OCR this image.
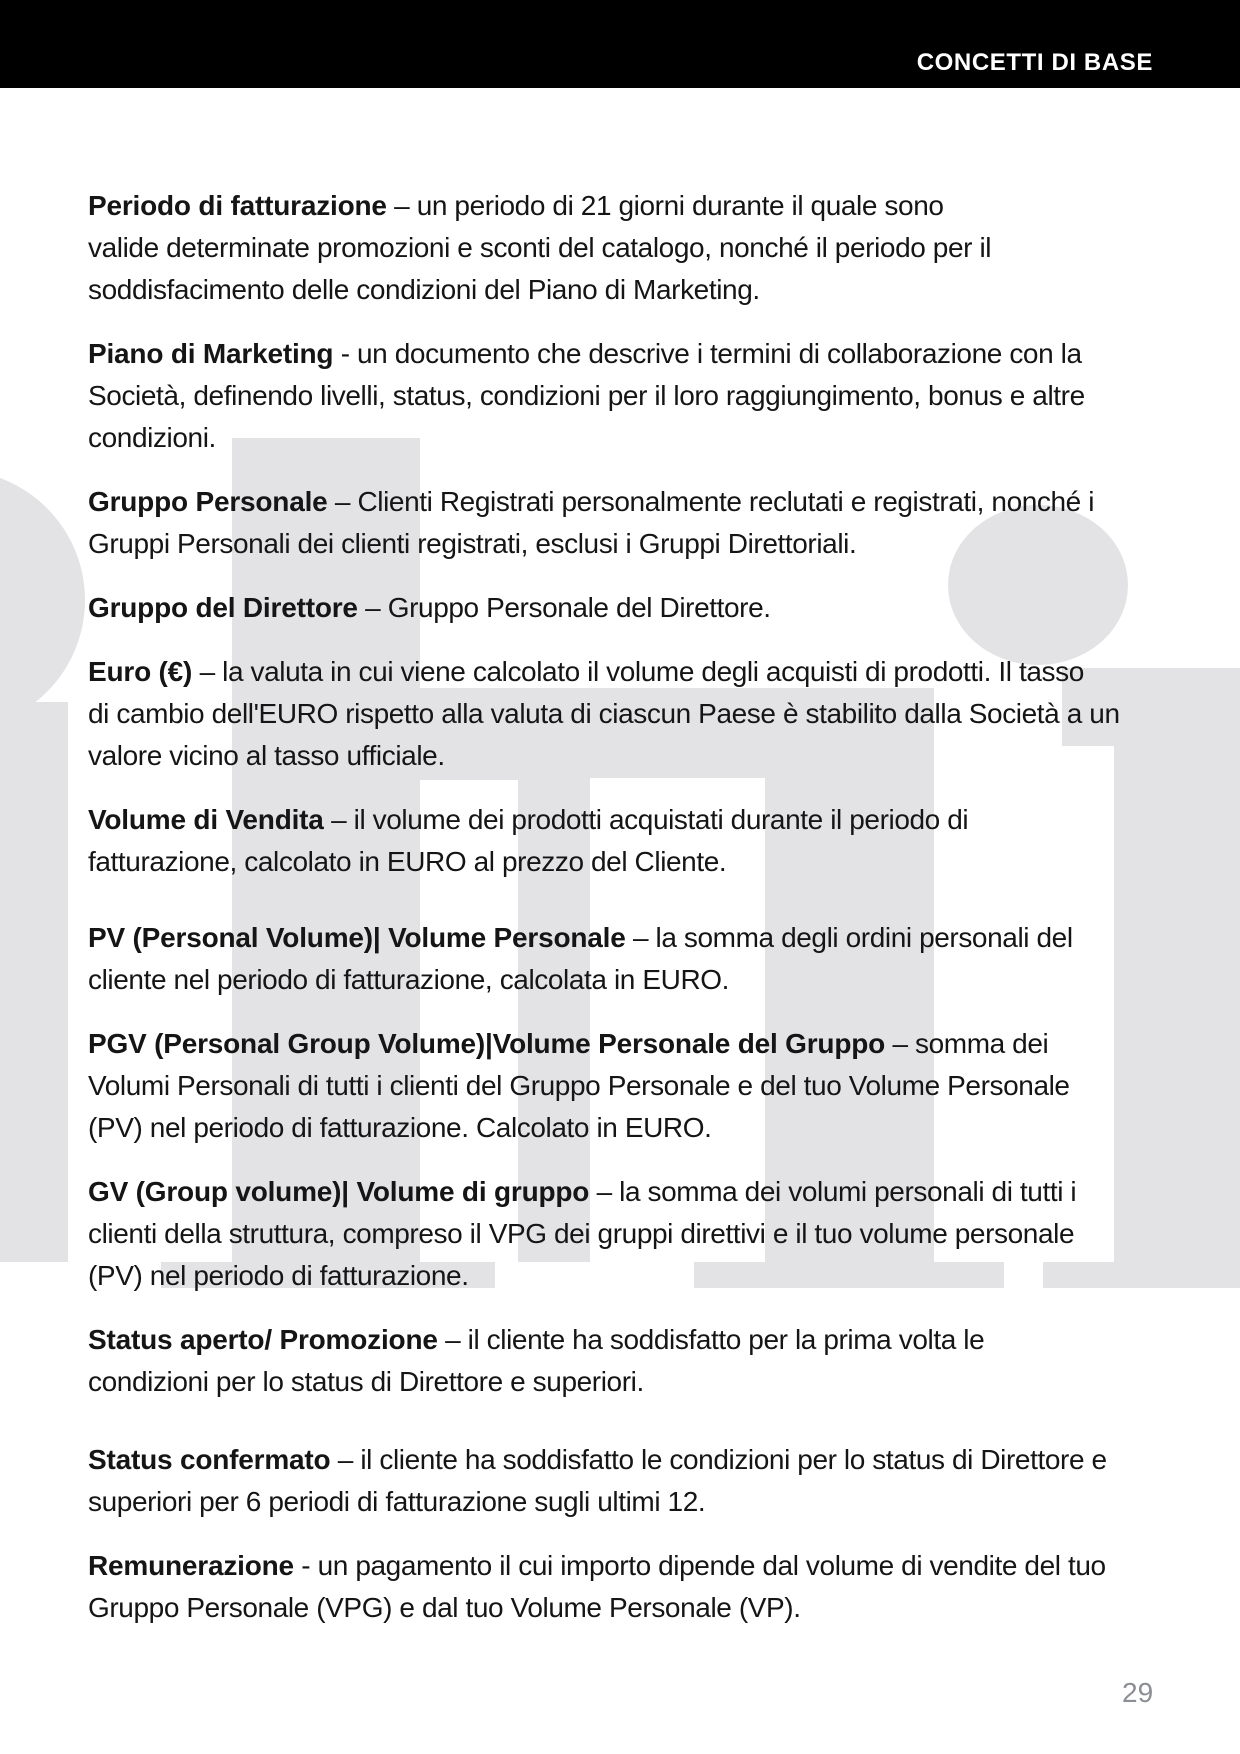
CONCETTI DI BASE

Periodo di fatturazione – un periodo di 21 giorni durante il quale sono
valide determinate promozioni e sconti del catalogo, nonché il periodo per il
soddisfacimento delle condizioni del Piano di Marketing.

Piano di Marketing - un documento che descrive i termini di collaborazione con la
Società, definendo livelli, status, condizioni per il loro raggiungimento, bonus e altre
condizioni.

Gruppo Personale – Clienti Registrati personalmente reclutati e registrati, nonché i
Gruppi Personali dei clienti registrati, esclusi i Gruppi Direttoriali.

Gruppo del Direttore – Gruppo Personale del Direttore.

Euro (€) – la valuta in cui viene calcolato il volume degli acquisti di prodotti. Il tasso
di cambio dell'EURO rispetto alla valuta di ciascun Paese è stabilito dalla Società a un
valore vicino al tasso ufficiale.

Volume di Vendita – il volume dei prodotti acquistati durante il periodo di
fatturazione, calcolato in EURO al prezzo del Cliente.

PV (Personal Volume)| Volume Personale – la somma degli ordini personali del
cliente nel periodo di fatturazione, calcolata in EURO.

PGV (Personal Group Volume)|Volume Personale del Gruppo – somma dei
Volumi Personali di tutti i clienti del Gruppo Personale e del tuo Volume Personale
(PV) nel periodo di fatturazione. Calcolato in EURO.

GV (Group volume)| Volume di gruppo – la somma dei volumi personali di tutti i
clienti della struttura, compreso il VPG dei gruppi direttivi e il tuo volume personale
(PV) nel periodo di fatturazione.

Status aperto/ Promozione – il cliente ha soddisfatto per la prima volta le
condizioni per lo status di Direttore e superiori.

Status confermato – il cliente ha soddisfatto le condizioni per lo status di Direttore e
superiori per 6 periodi di fatturazione sugli ultimi 12.

Remunerazione - un pagamento il cui importo dipende dal volume di vendite del tuo
Gruppo Personale (VPG) e dal tuo Volume Personale (VP).

29
